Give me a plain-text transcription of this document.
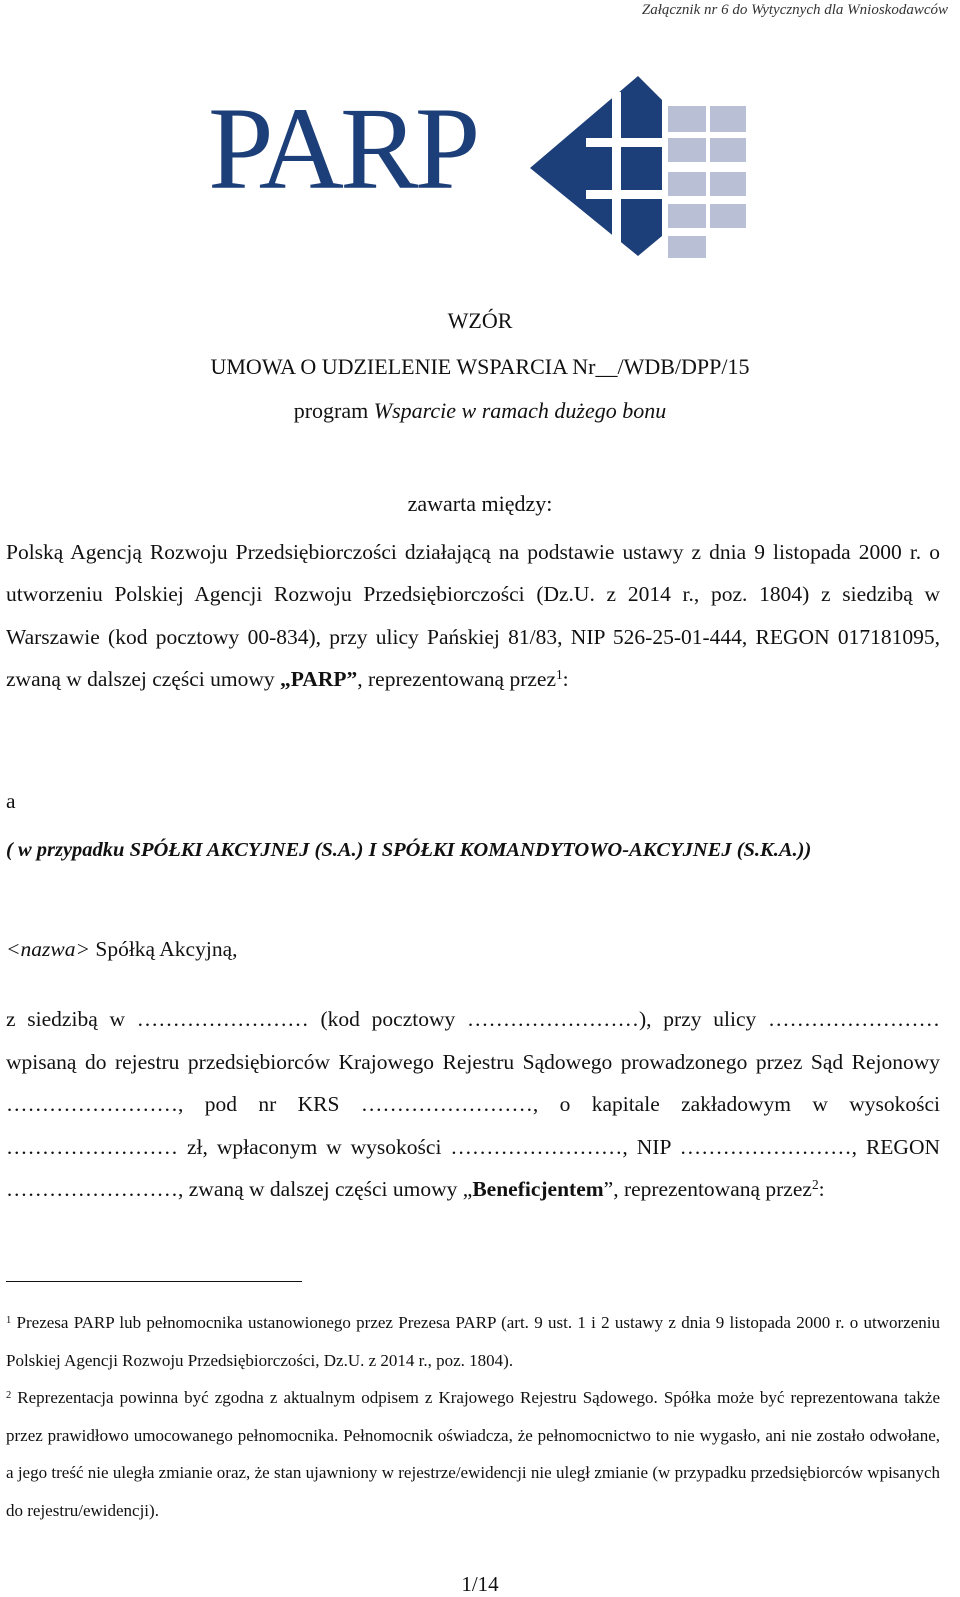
Załącznik nr 6 do Wytycznych dla Wnioskodawców
PARP
WZÓR
UMOWA O UDZIELENIE WSPARCIA Nr__/WDB/DPP/15
program Wsparcie w ramach dużego bonu
zawarta między:
Polską Agencją Rozwoju Przedsiębiorczości działającą na podstawie ustawy z dnia 9 listopada 2000 r. o utworzeniu Polskiej Agencji Rozwoju Przedsiębiorczości (Dz.U. z 2014 r., poz. 1804) z siedzibą w Warszawie (kod pocztowy 00-834), przy ulicy Pańskiej 81/83, NIP 526-25-01-444, REGON 017181095, zwaną w dalszej części umowy „PARP”, reprezentowaną przez$^1$:
a
( w przypadku SPÓŁKI AKCYJNEJ (S.A.) I SPÓŁKI KOMANDYTOWO-AKCYJNEJ (S.K.A.))
<nazwa> Spółką Akcyjną,
z siedzibą w …………………… (kod pocztowy ……………………), przy ulicy …………………… wpisaną do rejestru przedsiębiorców Krajowego Rejestru Sądowego prowadzonego przez Sąd Rejonowy ……………………, pod nr KRS ……………………, o kapitale zakładowym w wysokości …………………… zł, wpłaconym w wysokości ……………………, NIP ……………………, REGON ……………………, zwaną w dalszej części umowy „Beneficjentem”, reprezentowaną przez$^2$:
$^1$ Prezesa PARP lub pełnomocnika ustanowionego przez Prezesa PARP (art. 9 ust. 1 i 2 ustawy z dnia 9 listopada 2000 r. o utworzeniu Polskiej Agencji Rozwoju Przedsiębiorczości, Dz.U. z 2014 r., poz. 1804).
$^2$ Reprezentacja powinna być zgodna z aktualnym odpisem z Krajowego Rejestru Sądowego. Spółka może być reprezentowana także przez prawidłowo umocowanego pełnomocnika. Pełnomocnik oświadcza, że pełnomocnictwo to nie wygasło, ani nie zostało odwołane, a jego treść nie uległa zmianie oraz, że stan ujawniony w rejestrze/ewidencji nie uległ zmianie (w przypadku przedsiębiorców wpisanych do rejestru/ewidencji).
1/14
